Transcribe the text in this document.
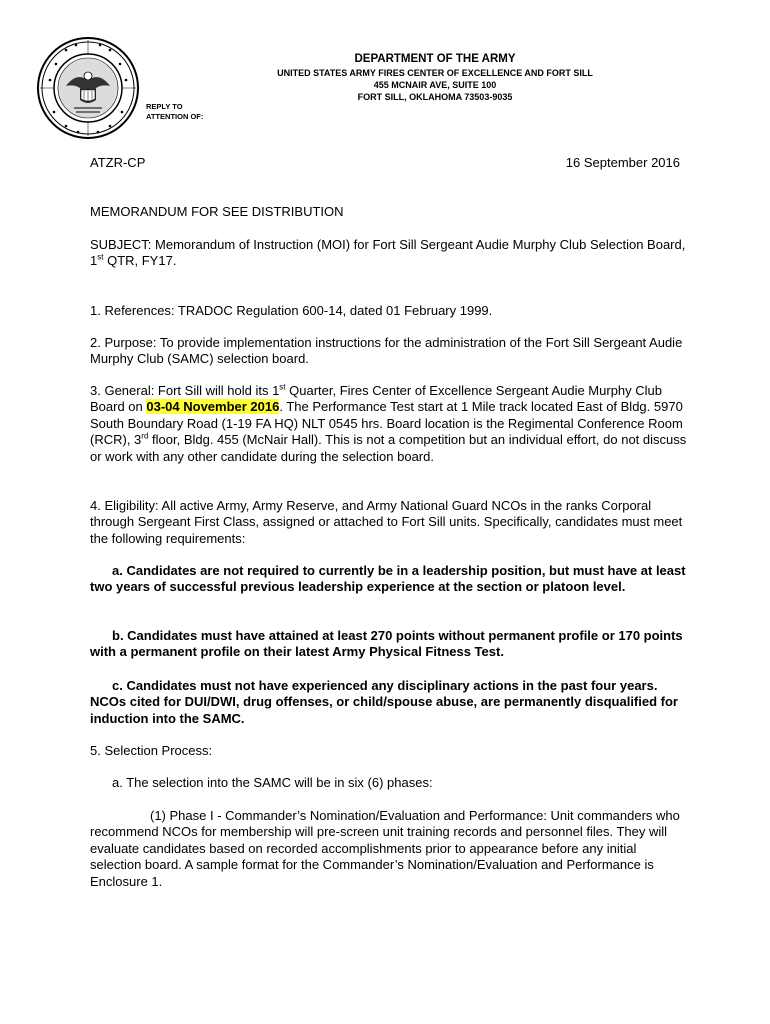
DEPARTMENT OF THE ARMY
UNITED STATES ARMY FIRES CENTER OF EXCELLENCE AND FORT SILL
455 MCNAIR AVE, SUITE 100
FORT SILL, OKLAHOMA 73503-9035
REPLY TO
ATTENTION OF:
ATZR-CP	16 September 2016
MEMORANDUM FOR SEE DISTRIBUTION
SUBJECT: Memorandum of Instruction (MOI) for Fort Sill Sergeant Audie Murphy Club Selection Board, 1st QTR, FY17.
1. References: TRADOC Regulation 600-14, dated 01 February 1999.
2. Purpose: To provide implementation instructions for the administration of the Fort Sill Sergeant Audie Murphy Club (SAMC) selection board.
3. General: Fort Sill will hold its 1st Quarter, Fires Center of Excellence Sergeant Audie Murphy Club Board on 03-04 November 2016. The Performance Test start at 1 Mile track located East of Bldg. 5970 South Boundary Road (1-19 FA HQ) NLT 0545 hrs. Board location is the Regimental Conference Room (RCR), 3rd floor, Bldg. 455 (McNair Hall). This is not a competition but an individual effort, do not discuss or work with any other candidate during the selection board.
4. Eligibility: All active Army, Army Reserve, and Army National Guard NCOs in the ranks Corporal through Sergeant First Class, assigned or attached to Fort Sill units. Specifically, candidates must meet the following requirements:
a. Candidates are not required to currently be in a leadership position, but must have at least two years of successful previous leadership experience at the section or platoon level.
b. Candidates must have attained at least 270 points without permanent profile or 170 points with a permanent profile on their latest Army Physical Fitness Test.
c. Candidates must not have experienced any disciplinary actions in the past four years. NCOs cited for DUI/DWI, drug offenses, or child/spouse abuse, are permanently disqualified for induction into the SAMC.
5. Selection Process:
a. The selection into the SAMC will be in six (6) phases:
(1) Phase I - Commander’s Nomination/Evaluation and Performance: Unit commanders who recommend NCOs for membership will pre-screen unit training records and personnel files. They will evaluate candidates based on recorded accomplishments prior to appearance before any initial selection board. A sample format for the Commander’s Nomination/Evaluation and Performance is Enclosure 1.
